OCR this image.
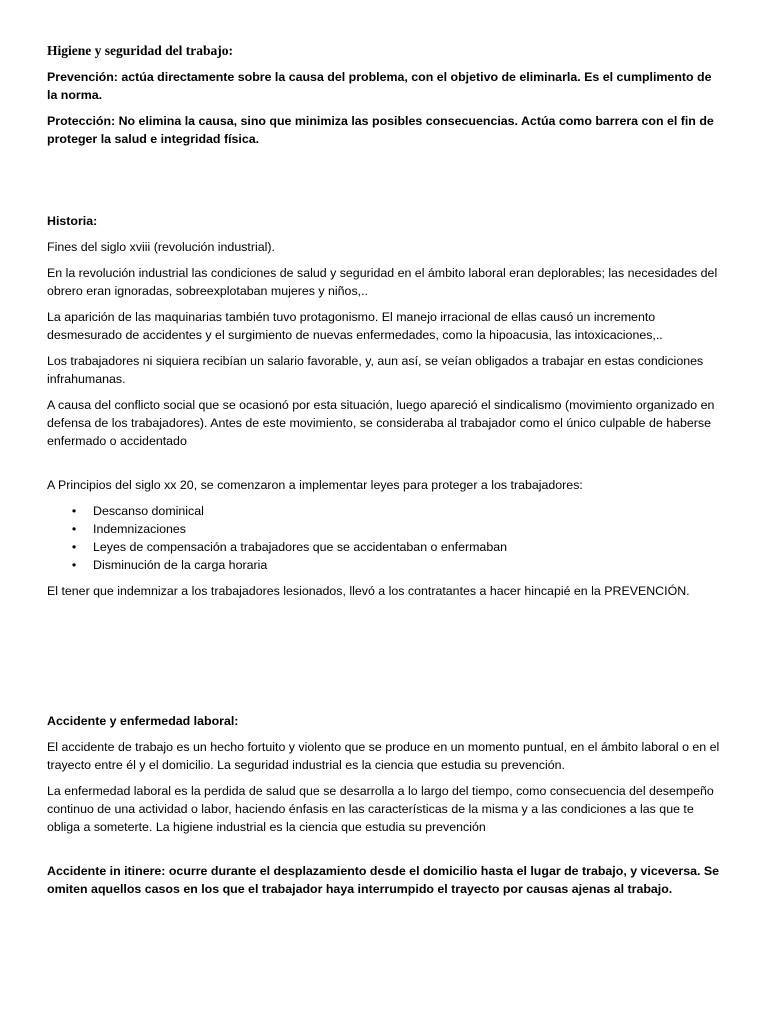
Higiene y seguridad del trabajo:

Prevención: actúa directamente sobre la causa del problema, con el objetivo de eliminarla. Es el cumplimento de la norma.

Protección: No elimina la causa, sino que minimiza las posibles consecuencias. Actúa como barrera con el fin de proteger la salud e integridad física.

Historia:

Fines del siglo xviii (revolución industrial).

En la revolución industrial las condiciones de salud y seguridad en el ámbito laboral eran deplorables; las necesidades del obrero eran ignoradas, sobreexplotaban mujeres y niños,..

La aparición de las maquinarias también tuvo protagonismo. El manejo irracional de ellas causó un incremento desmesurado de accidentes y el surgimiento de nuevas enfermedades, como la hipoacusia, las intoxicaciones,..

Los trabajadores ni siquiera recibían un salario favorable, y, aun así, se veían obligados a trabajar en estas condiciones infrahumanas.

A causa del conflicto social que se ocasionó por esta situación, luego apareció el sindicalismo (movimiento organizado en defensa de los trabajadores). Antes de este movimiento, se consideraba al trabajador como el único culpable de haberse enfermado o accidentado

A Principios del siglo xx 20, se comenzaron a implementar leyes para proteger a los trabajadores:

• Descanso dominical
• Indemnizaciones
• Leyes de compensación a trabajadores que se accidentaban o enfermaban
• Disminución de la carga horaria

El tener que indemnizar a los trabajadores lesionados, llevó a los contratantes a hacer hincapié en la PREVENCIÓN.

Accidente y enfermedad laboral:

El accidente de trabajo es un hecho fortuito y violento que se produce en un momento puntual, en el ámbito laboral o en el trayecto entre él y el domicilio. La seguridad industrial es la ciencia que estudia su prevención.

La enfermedad laboral es la perdida de salud que se desarrolla a lo largo del tiempo, como consecuencia del desempeño continuo de una actividad o labor, haciendo énfasis en las características de la misma y a las condiciones a las que te obliga a someterte. La higiene industrial es la ciencia que estudia su prevención

Accidente in itinere: ocurre durante el desplazamiento desde el domicilio hasta el lugar de trabajo, y viceversa. Se omiten aquellos casos en los que el trabajador haya interrumpido el trayecto por causas ajenas al trabajo.
